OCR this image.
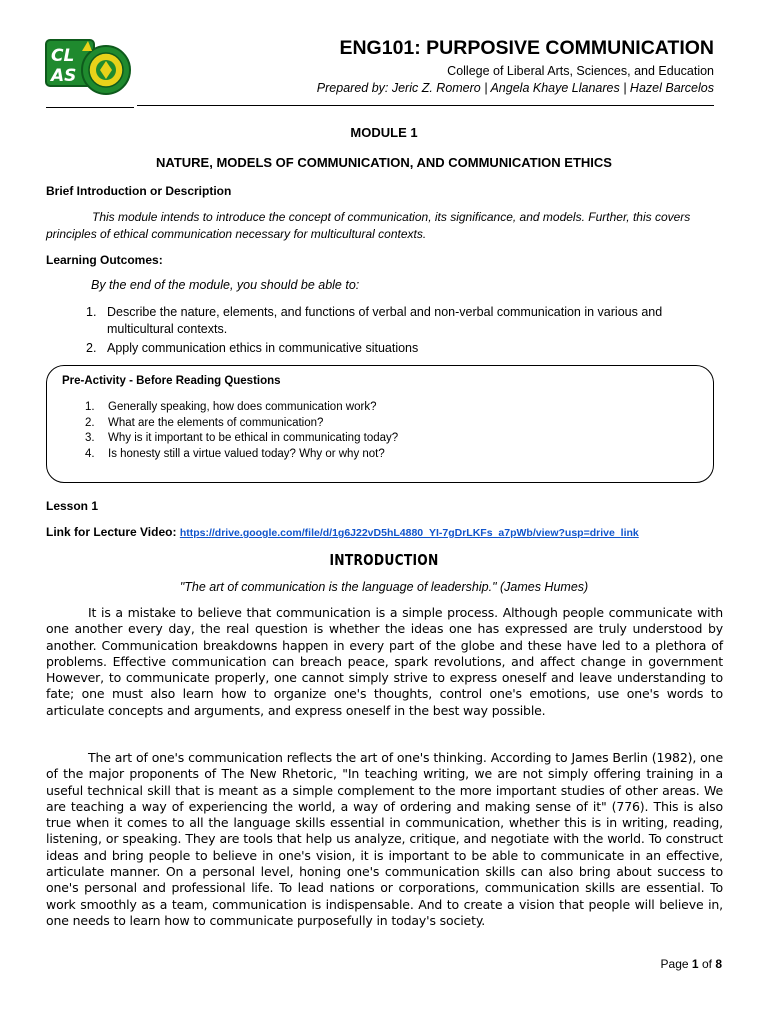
CL
AS
ENG101: PURPOSIVE COMMUNICATION
College of Liberal Arts, Sciences, and Education
Prepared by: Jeric Z. Romero | Angela Khaye Llanares | Hazel Barcelos
MODULE 1
NATURE, MODELS OF COMMUNICATION, AND COMMUNICATION ETHICS
Brief Introduction or Description
This module intends to introduce the concept of communication, its significance, and models. Further, this covers principles of ethical communication necessary for multicultural contexts.
Learning Outcomes:
By the end of the module, you should be able to:
1. Describe the nature, elements, and functions of verbal and non-verbal communication in various and multicultural contexts.
2. Apply communication ethics in communicative situations
Pre-Activity - Before Reading Questions
1. Generally speaking, how does communication work?
2. What are the elements of communication?
3. Why is it important to be ethical in communicating today?
4. Is honesty still a virtue valued today? Why or why not?
Lesson 1
Link for Lecture Video: https://drive.google.com/file/d/1g6J22vD5hL4880_YI-7gDrLKFs_a7pWb/view?usp=drive_link
INTRODUCTION
"The art of communication is the language of leadership." (James Humes)
It is a mistake to believe that communication is a simple process. Although people communicate with one another every day, the real question is whether the ideas one has expressed are truly understood by another. Communication breakdowns happen in every part of the globe and these have led to a plethora of problems. Effective communication can breach peace, spark revolutions, and affect change in government However, to communicate properly, one cannot simply strive to express oneself and leave understanding to fate; one must also learn how to organize one's thoughts, control one's emotions, use one's words to articulate concepts and arguments, and express oneself in the best way possible.
The art of one's communication reflects the art of one's thinking. According to James Berlin (1982), one of the major proponents of The New Rhetoric, "In teaching writing, we are not simply offering training in a useful technical skill that is meant as a simple complement to the more important studies of other areas. We are teaching a way of experiencing the world, a way of ordering and making sense of it" (776). This is also true when it comes to all the language skills essential in communication, whether this is in writing, reading, listening, or speaking. They are tools that help us analyze, critique, and negotiate with the world. To construct ideas and bring people to believe in one's vision, it is important to be able to communicate in an effective, articulate manner. On a personal level, honing one's communication skills can also bring about success to one's personal and professional life. To lead nations or corporations, communication skills are essential. To work smoothly as a team, communication is indispensable. And to create a vision that people will believe in, one needs to learn how to communicate purposefully in today's society.
Page 1 of 8
